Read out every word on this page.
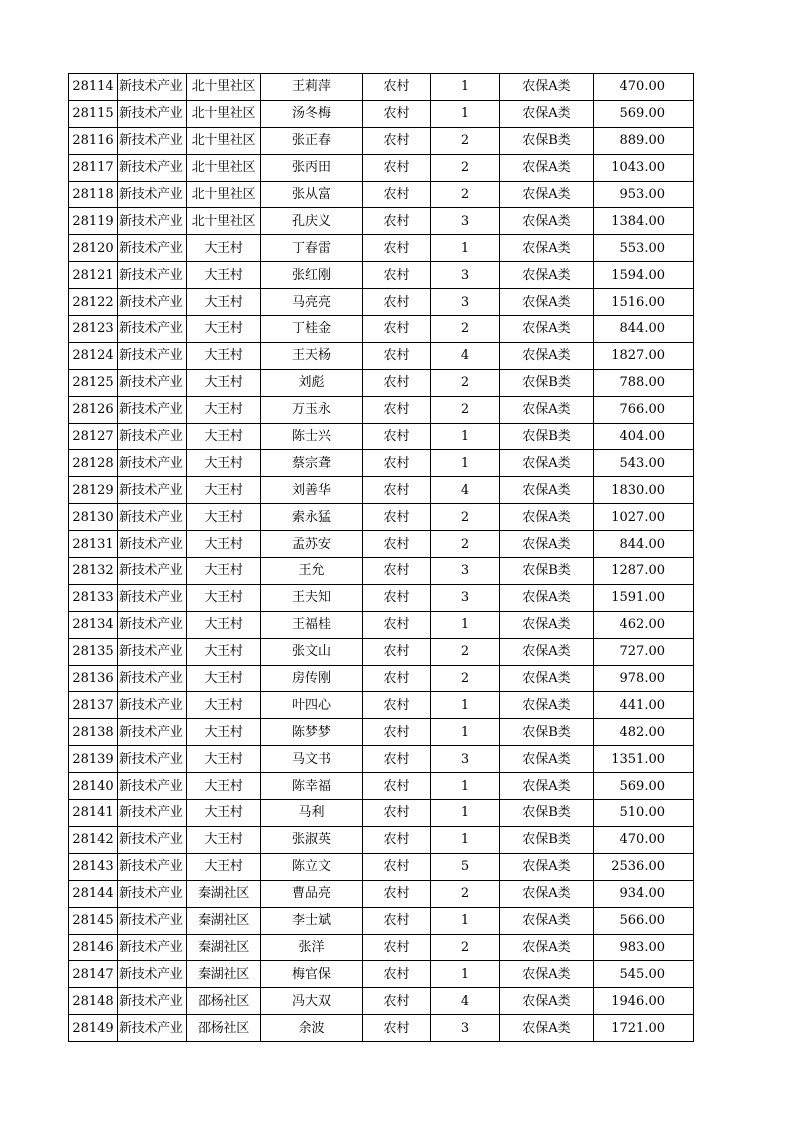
28114	新技术产业	北十里社区	王莉萍	农村	1	农保A类	470.00
28115	新技术产业	北十里社区	汤冬梅	农村	1	农保A类	569.00
28116	新技术产业	北十里社区	张正春	农村	2	农保B类	889.00
28117	新技术产业	北十里社区	张丙田	农村	2	农保A类	1043.00
28118	新技术产业	北十里社区	张从富	农村	2	农保A类	953.00
28119	新技术产业	北十里社区	孔庆义	农村	3	农保A类	1384.00
28120	新技术产业	大王村	丁春雷	农村	1	农保A类	553.00
28121	新技术产业	大王村	张红刚	农村	3	农保A类	1594.00
28122	新技术产业	大王村	马亮亮	农村	3	农保A类	1516.00
28123	新技术产业	大王村	丁桂金	农村	2	农保A类	844.00
28124	新技术产业	大王村	王天杨	农村	4	农保A类	1827.00
28125	新技术产业	大王村	刘彪	农村	2	农保B类	788.00
28126	新技术产业	大王村	万玉永	农村	2	农保A类	766.00
28127	新技术产业	大王村	陈士兴	农村	1	农保B类	404.00
28128	新技术产业	大王村	蔡宗聋	农村	1	农保A类	543.00
28129	新技术产业	大王村	刘善华	农村	4	农保A类	1830.00
28130	新技术产业	大王村	索永猛	农村	2	农保A类	1027.00
28131	新技术产业	大王村	孟苏安	农村	2	农保A类	844.00
28132	新技术产业	大王村	王允	农村	3	农保B类	1287.00
28133	新技术产业	大王村	王夫知	农村	3	农保A类	1591.00
28134	新技术产业	大王村	王福桂	农村	1	农保A类	462.00
28135	新技术产业	大王村	张文山	农村	2	农保A类	727.00
28136	新技术产业	大王村	房传刚	农村	2	农保A类	978.00
28137	新技术产业	大王村	叶四心	农村	1	农保A类	441.00
28138	新技术产业	大王村	陈梦梦	农村	1	农保B类	482.00
28139	新技术产业	大王村	马文书	农村	3	农保A类	1351.00
28140	新技术产业	大王村	陈幸福	农村	1	农保A类	569.00
28141	新技术产业	大王村	马利	农村	1	农保B类	510.00
28142	新技术产业	大王村	张淑英	农村	1	农保B类	470.00
28143	新技术产业	大王村	陈立文	农村	5	农保A类	2536.00
28144	新技术产业	秦湖社区	曹品亮	农村	2	农保A类	934.00
28145	新技术产业	秦湖社区	李士斌	农村	1	农保A类	566.00
28146	新技术产业	秦湖社区	张洋	农村	2	农保A类	983.00
28147	新技术产业	秦湖社区	梅官保	农村	1	农保A类	545.00
28148	新技术产业	邵杨社区	冯大双	农村	4	农保A类	1946.00
28149	新技术产业	邵杨社区	余波	农村	3	农保A类	1721.00
